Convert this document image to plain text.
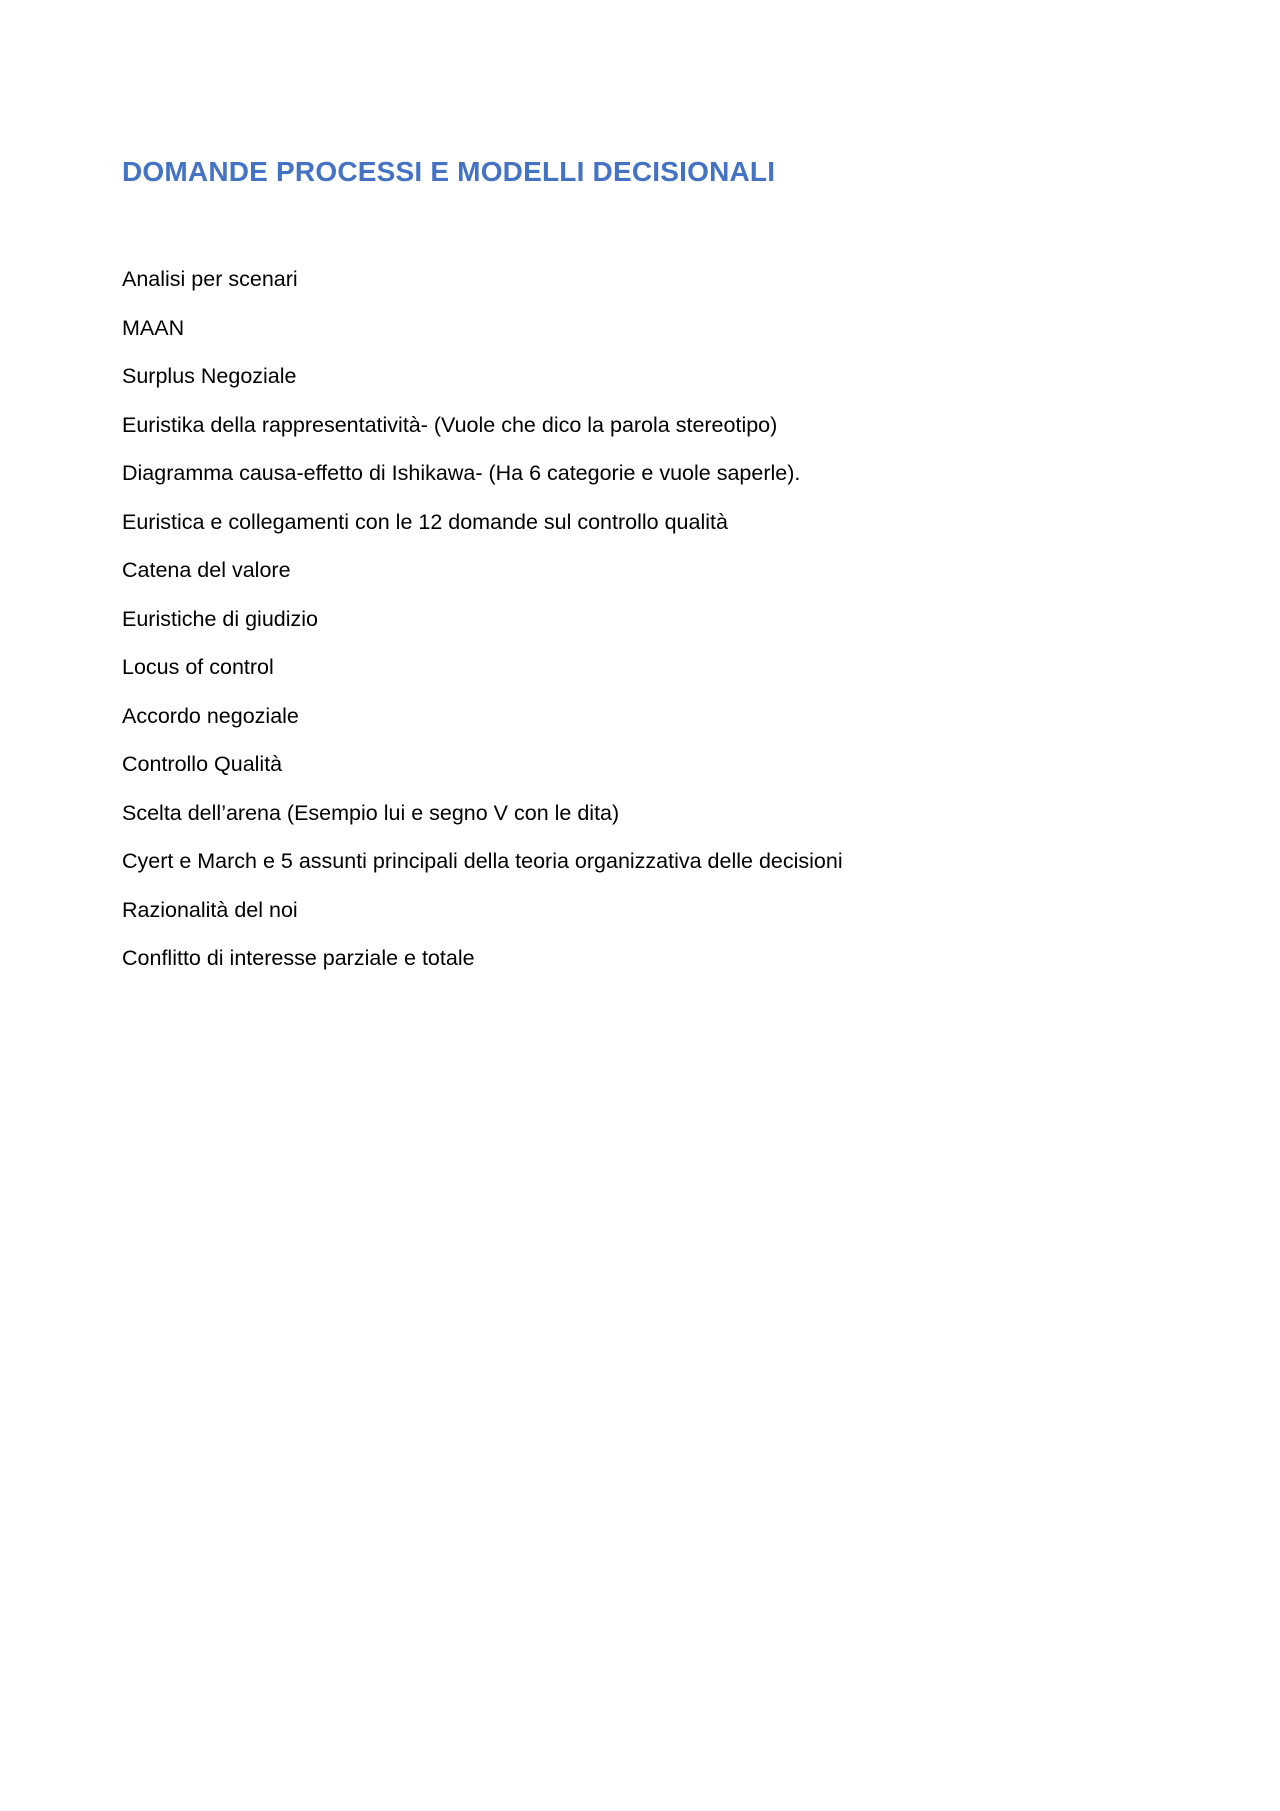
DOMANDE PROCESSI E MODELLI DECISIONALI
Analisi per scenari
MAAN
Surplus Negoziale
Euristika della rappresentatività- (Vuole che dico la parola stereotipo)
Diagramma causa-effetto di Ishikawa- (Ha 6 categorie e vuole saperle).
Euristica e collegamenti con le 12 domande sul controllo qualità
Catena del valore
Euristiche di giudizio
Locus of control
Accordo negoziale
Controllo Qualità
Scelta dell’arena (Esempio lui e segno V con le dita)
Cyert e March e 5 assunti principali della teoria organizzativa delle decisioni
Razionalità del noi
Conflitto di interesse parziale e totale
